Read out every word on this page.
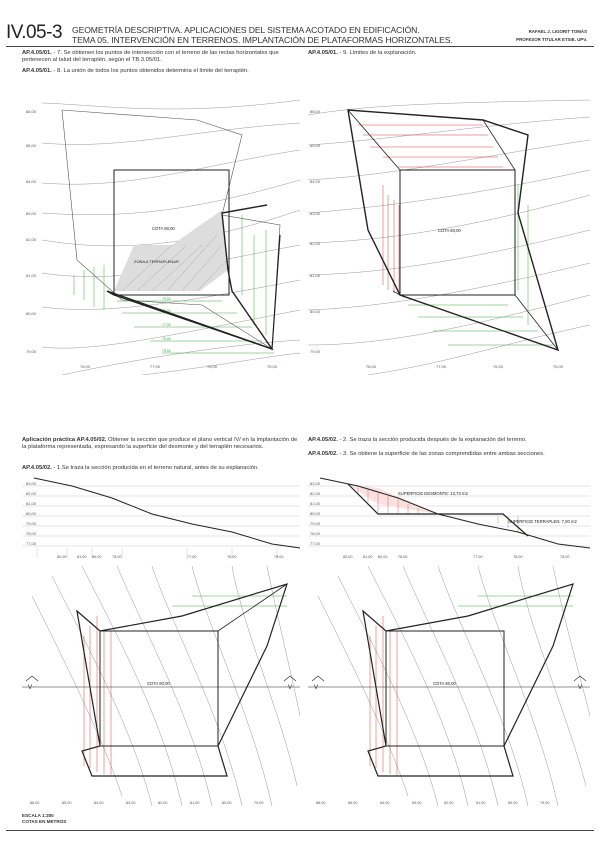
IV.05-3 GEOMETRÍA DESCRIPTIVA. APLICACIONES DEL SISTEMA ACOTADO EN EDIFICACIÓN.
TEMA 05. INTERVENCIÓN EN TERRENOS. IMPLANTACIÓN DE PLATAFORMAS HORIZONTALES.
RAFAEL J. LIGORIT TOMÁS
PROFESOR TITULAR ETSIE. UPV.
AP.4.05/01. - 7. Se obtienen los puntos de intersección con el terreno de las rectas horizontales que pertenecen al talud del terraplén, según el TB.3.05/01.
AP.4.05/01. - 8. La unión de todos los puntos obtenidos determina el límite del terraplén.
AP.4.05/01. - 9. Límites de la explanación.
88,00
85,00
84,00
83,00
82,00
81,00
80,00
79,00
78,00	77,00	76,00	75,00
79,00
78,00
77,00
76,00
75,00
COTA 80,00
ZONA A TERRAPLENAR
88,00
85,00
84,00
83,00
82,00
81,00
80,00
79,00
78,00	77,00	76,00	75,00
COTA 80,00
Aplicación práctica AP.4.05/02. Obtener la sección que produce el plano vertical /V/ en la implantación de la plataforma representada, expresando la superficie del desmonte y del terraplén necesarios.
AP.4.05/02. - 1.Se traza la sección producida en el terreno natural, antes de su explanación.
AP.4.05/02. - 2. Se traza la sección producida después de la explanación del terreno.
AP.4.05/02. - 3. Se obtiene la superficie de las zonas comprendidas entre ambas secciones.
83,00
82,00
81,00
80,00
79,00
78,00
77,00
80,00	81,00 80,00	78,00	77,00	76,00	75,00
COTA 80,00
V	V
88,00	85,00	84,00	83,00	82,00	81,00	80,00	79,00
83,00
82,00
81,00
80,00
79,00
78,00
77,00
SUPERFICIE DESMONTE: 13,73 m2
SUPERFICIE TERRAPLEN: 7,00 m2
80,00	81,00 80,00	78,00	77,00	76,00	75,00
COTA 80,00
V	V
88,00	85,00	84,00	83,00	82,00	81,00	80,00	79,00
ESCALA 1:200
COTAS EN METROS
